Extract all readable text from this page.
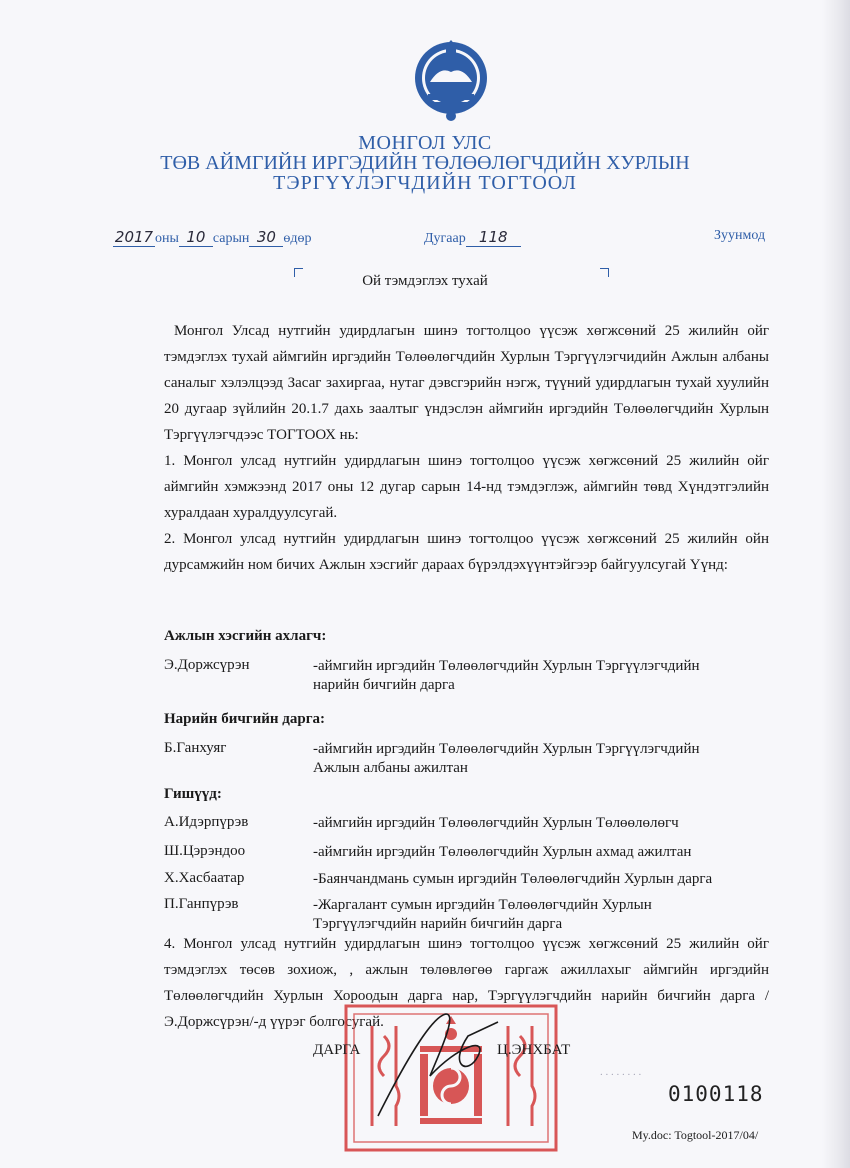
МОНГОЛ УЛС
ТӨВ АЙМГИЙН ИРГЭДИЙН ТӨЛӨӨЛӨГЧДИЙН ХУРЛЫН
ТЭРГҮҮЛЭГЧДИЙН ТОГТООЛ
2017 оны 10 сарын 30 өдөр	Дугаар 118	Зуунмод
Ой тэмдэглэх тухай
Монгол Улсад нутгийн удирдлагын шинэ тогтолцоо үүсэж хөгжсөний 25 жилийн ойг тэмдэглэх тухай аймгийн иргэдийн Төлөөлөгчдийн Хурлын Тэргүүлэгчидийн Ажлын албаны саналыг хэлэлцээд Засаг захиргаа, нутаг дэвсгэрийн нэгж, түүний удирдлагын тухай хуулийн 20 дугаар зүйлийн 20.1.7 дахь заалтыг үндэслэн аймгийн иргэдийн Төлөөлөгчдийн Хурлын Тэргүүлэгчдээс ТОГТООХ нь:
1. Монгол улсад нутгийн удирдлагын шинэ тогтолцоо үүсэж хөгжсөний 25 жилийн ойг аймгийн хэмжээнд 2017 оны 12 дугар сарын 14-нд тэмдэглэж, аймгийн төвд Хүндэтгэлийн хуралдаан хуралдуулсугай.
2. Монгол улсад нутгийн удирдлагын шинэ тогтолцоо үүсэж хөгжсөний 25 жилийн ойн дурсамжийн ном бичих Ажлын хэсгийг дараах бүрэлдэхүүнтэйгээр байгуулсугай Үүнд:
Ажлын хэсгийн ахлагч:
Э.Доржсүрэн	-аймгийн иргэдийн Төлөөлөгчдийн Хурлын Тэргүүлэгчдийн
нарийн бичгийн дарга
Нарийн бичгийн дарга:
Б.Ганхуяг	-аймгийн иргэдийн Төлөөлөгчдийн Хурлын Тэргүүлэгчдийн
Ажлын албаны ажилтан
Гишүүд:
А.Идэрпүрэв	-аймгийн иргэдийн Төлөөлөгчдийн Хурлын Төлөөлөлөгч
Ш.Цэрэндоо	-аймгийн иргэдийн Төлөөлөгчдийн Хурлын ахмад ажилтан
Х.Хасбаатар	-Баянчандмань сумын иргэдийн Төлөөлөгчдийн Хурлын дарга
П.Ганпүрэв	-Жаргалант сумын иргэдийн Төлөөлөгчдийн Хурлын
Тэргүүлэгчдийн нарийн бичгийн дарга
4. Монгол улсад нутгийн удирдлагын шинэ тогтолцоо үүсэж хөгжсөний 25 жилийн ойг тэмдэглэх төсөв зохиож, , ажлын төлөвлөгөө гаргаж ажиллахыг аймгийн иргэдийн Төлөөлөгчдийн Хурлын Хороодын дарга нар, Тэргүүлэгчдийн нарийн бичгийн дарга /Э.Доржсүрэн/-д үүрэг болгосугай.
. . . . . . . .
ДАРГА	Ц.ЭНХБАТ
0100118
My.doc: Togtool-2017/04/
